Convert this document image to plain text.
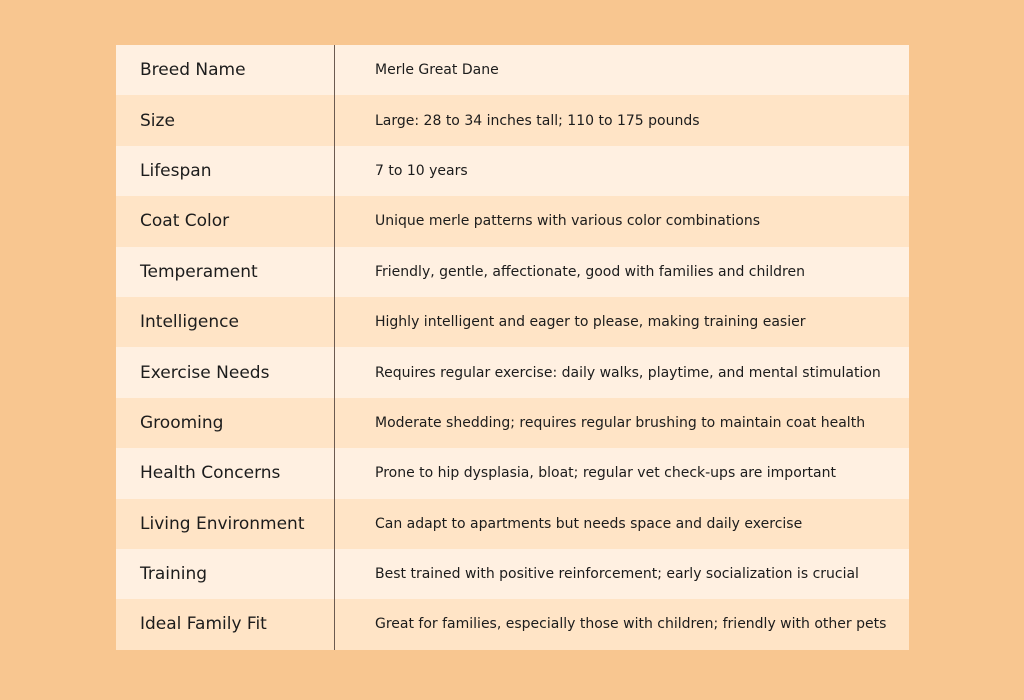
Breed Name	Merle Great Dane
Size	Large: 28 to 34 inches tall; 110 to 175 pounds
Lifespan	7 to 10 years
Coat Color	Unique merle patterns with various color combinations
Temperament	Friendly, gentle, affectionate, good with families and children
Intelligence	Highly intelligent and eager to please, making training easier
Exercise Needs	Requires regular exercise: daily walks, playtime, and mental stimulation
Grooming	Moderate shedding; requires regular brushing to maintain coat health
Health Concerns	Prone to hip dysplasia, bloat; regular vet check-ups are important
Living Environment	Can adapt to apartments but needs space and daily exercise
Training	Best trained with positive reinforcement; early socialization is crucial
Ideal Family Fit	Great for families, especially those with children; friendly with other pets
